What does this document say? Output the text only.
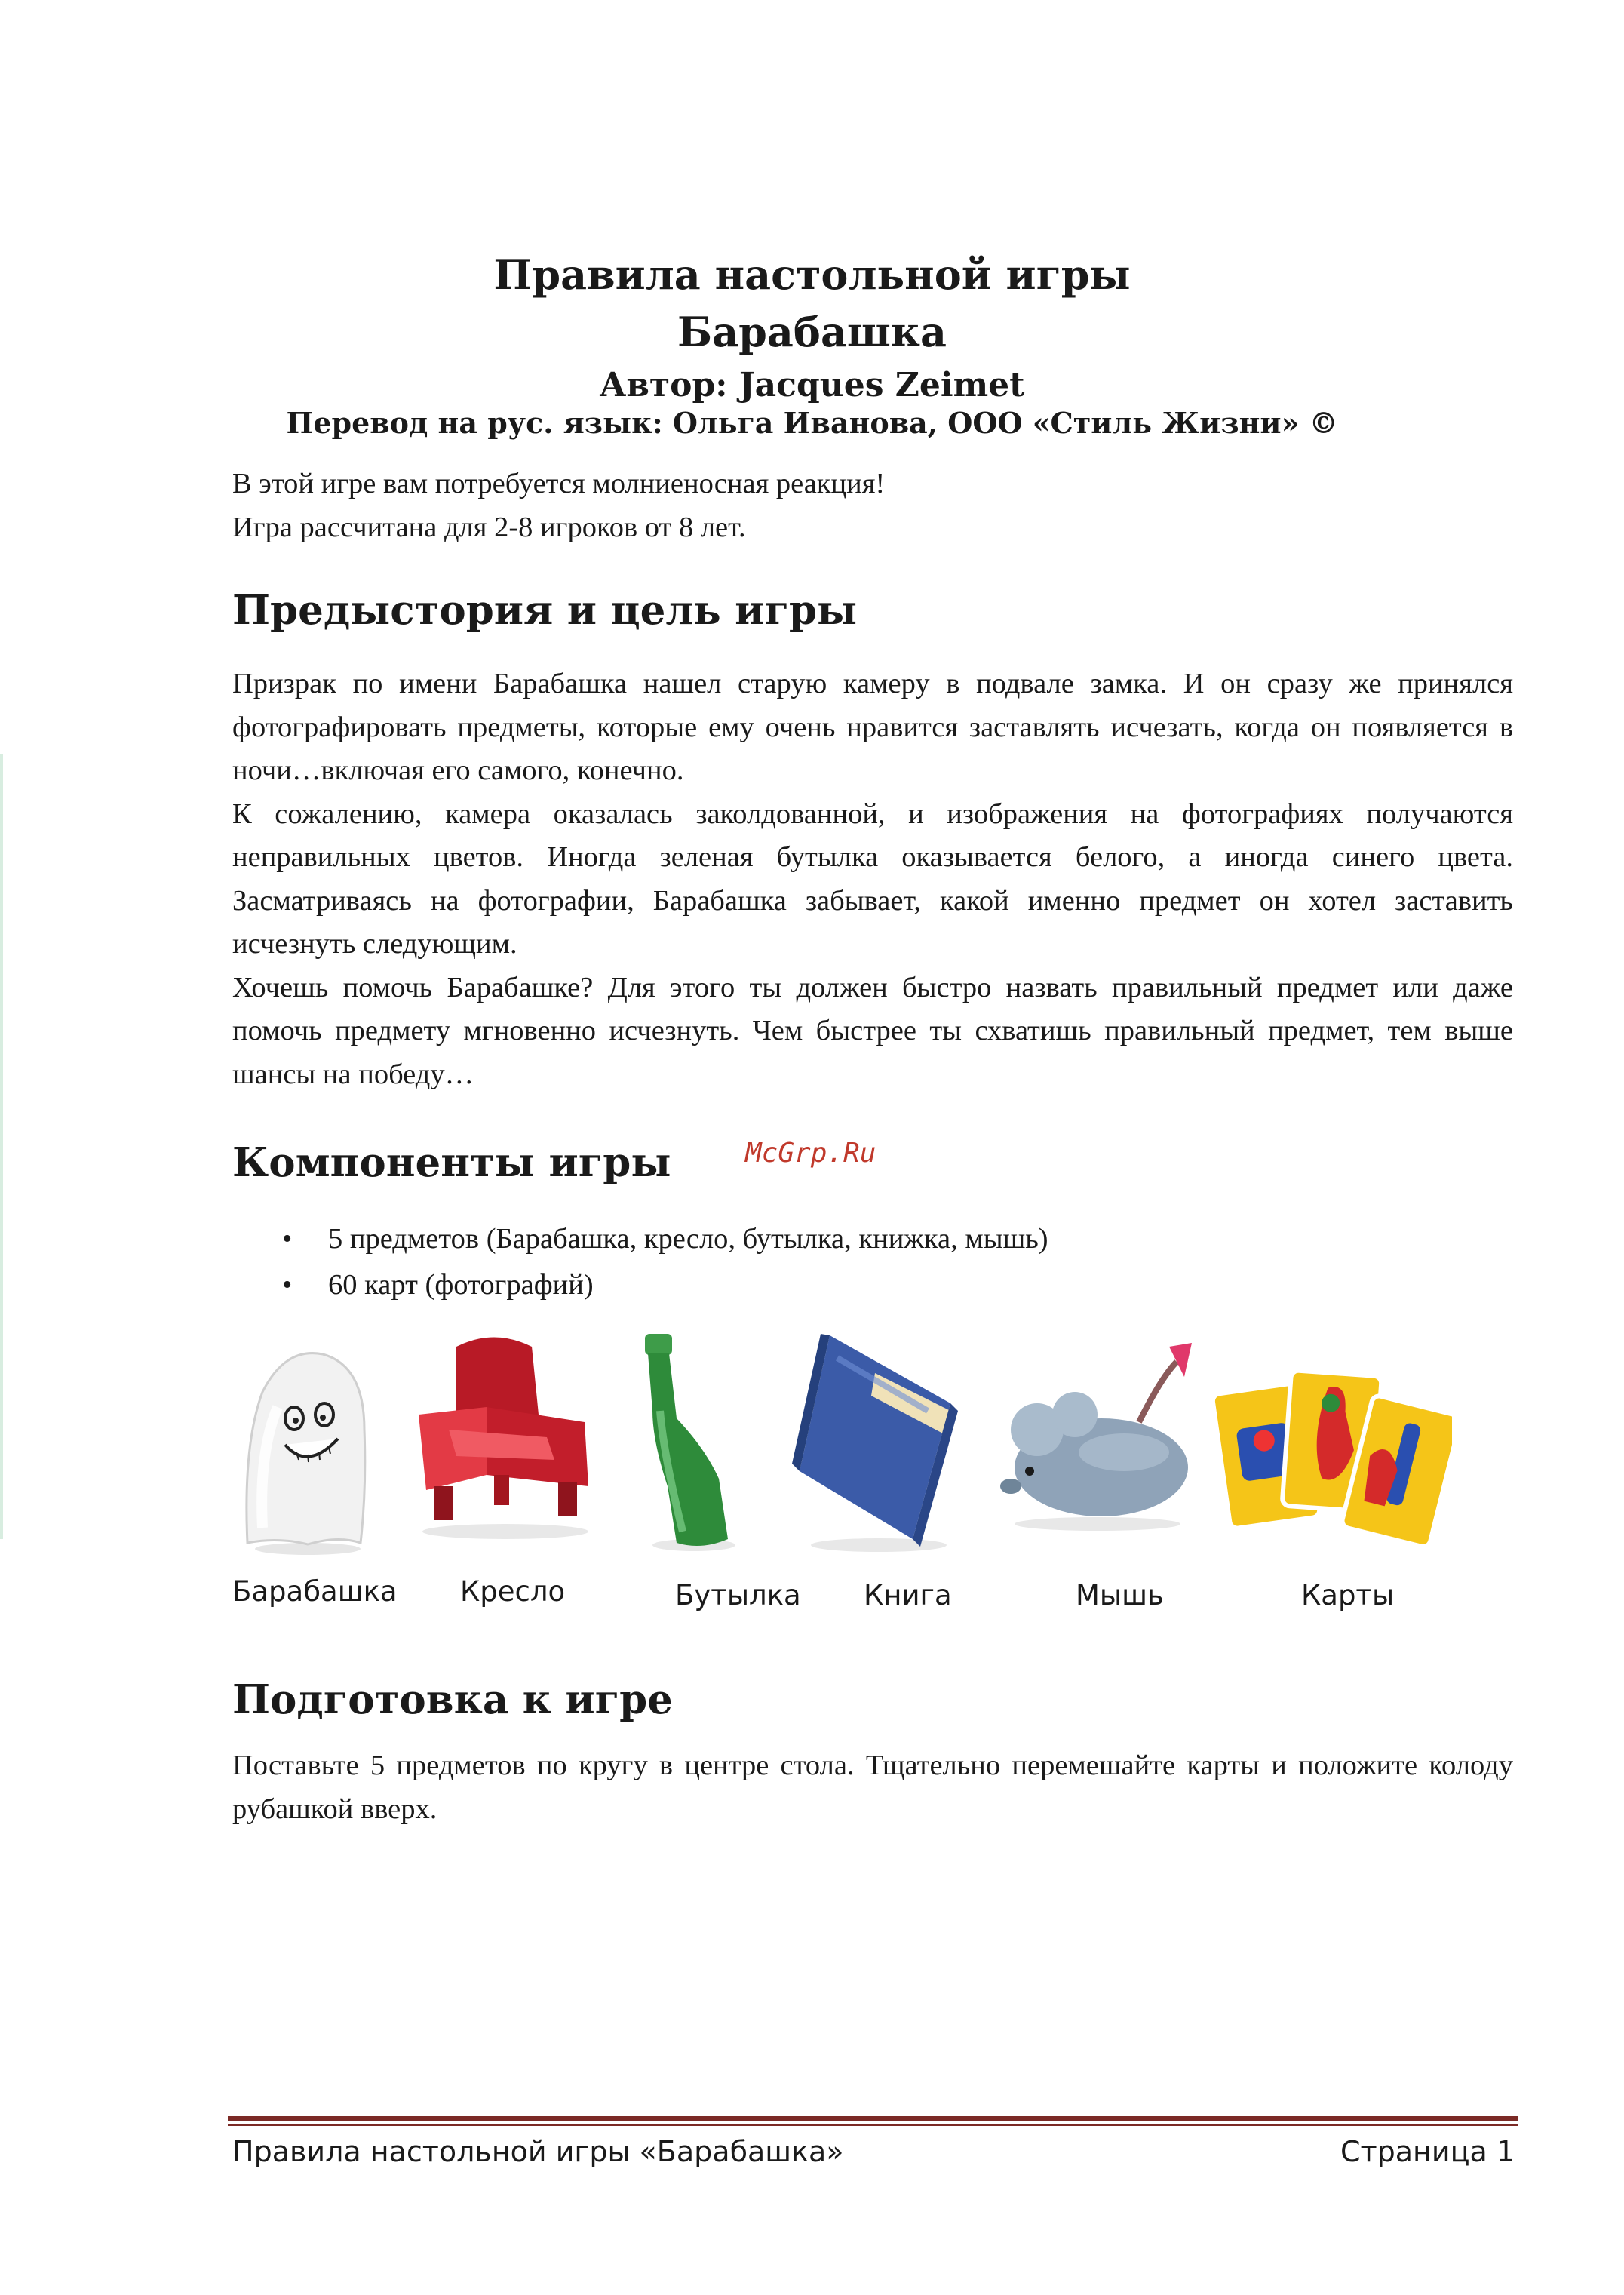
Правила настольной игры
Барабашка
Автор: Jacques Zeimet
Перевод на рус. язык: Ольга Иванова, ООО «Стиль Жизни» ©

В этой игре вам потребуется молниеносная реакция!

Игра рассчитана для 2-8 игроков от 8 лет.

Предыстория и цель игры

Призрак по имени Барабашка нашел старую камеру в подвале замка. И он сразу же принялся фотографировать предметы, которые ему очень нравится заставлять исчезать, когда он появляется в ночи…включая его самого, конечно.

К сожалению, камера оказалась заколдованной, и изображения на фотографиях получаются неправильных цветов. Иногда зеленая бутылка оказывается белого, а иногда синего цвета. Засматриваясь на фотографии, Барабашка забывает, какой именно предмет он хотел заставить исчезнуть следующим.

Хочешь помочь Барабашке? Для этого ты должен быстро назвать правильный предмет или даже помочь предмету мгновенно исчезнуть. Чем быстрее ты схватишь правильный предмет, тем выше шансы на победу…

Компоненты игры	McGrp.Ru
• 5 предметов (Барабашка, кресло, бутылка, книжка, мышь)
• 60 карт (фотографий)
Барабашка Кресло	Бутылка Книга	Мышь	Карты
Подготовка к игре

Поставьте 5 предметов по кругу в центре стола. Тщательно перемешайте карты и положите колоду рубашкой вверх.

Правила настольной игры «Барабашка»	Страница 1
